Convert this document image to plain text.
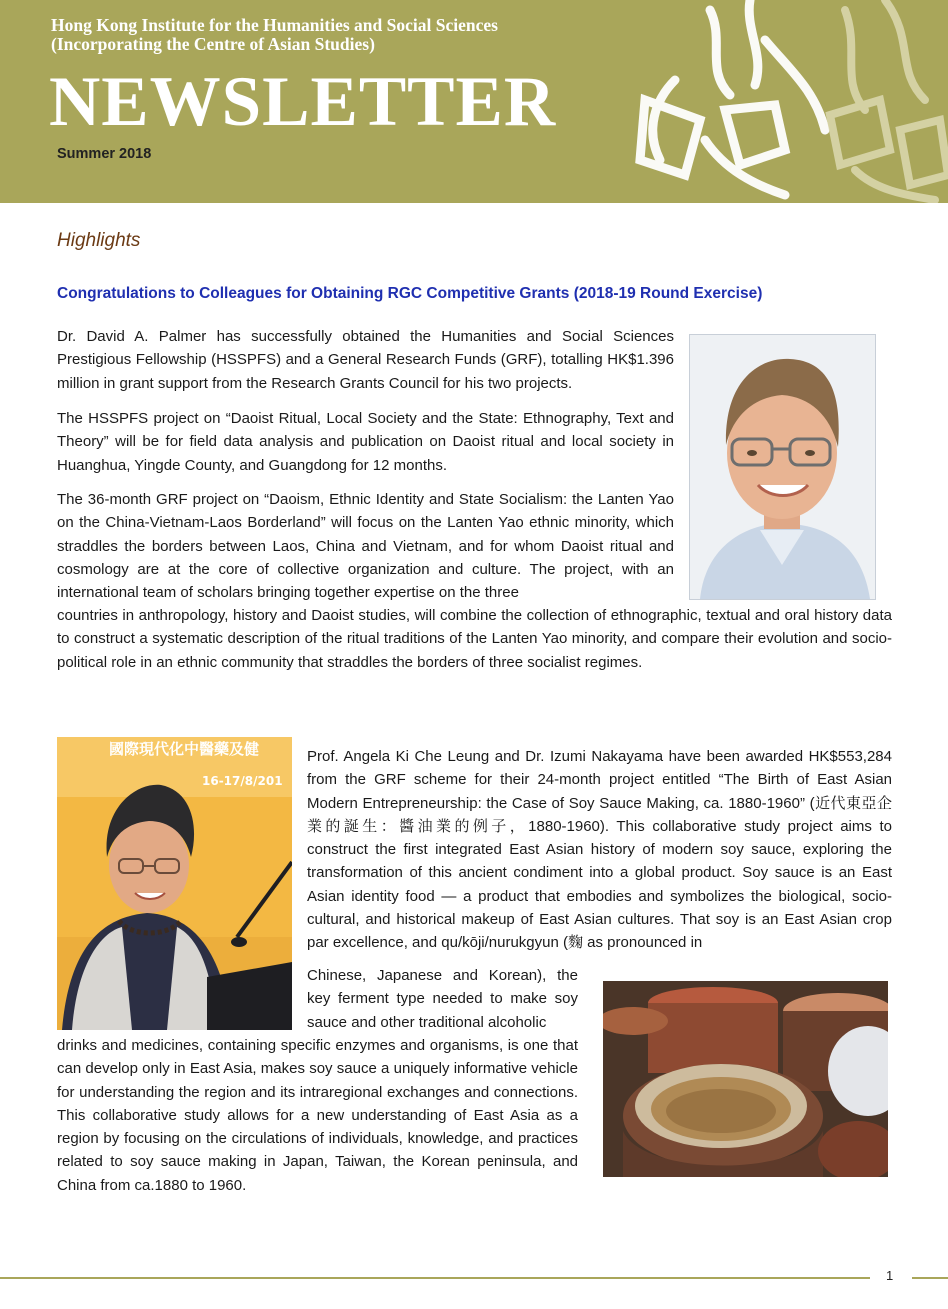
Hong Kong Institute for the Humanities and Social Sciences
(Incorporating the Centre of Asian Studies)
NEWSLETTER
Summer 2018
Highlights
Congratulations to Colleagues for Obtaining RGC Competitive Grants (2018-19 Round Exercise)

Dr. David A. Palmer has successfully obtained the Humanities and Social Sciences Prestigious Fellowship (HSSPFS) and a General Research Funds (GRF), totalling HK$1.396 million in grant support from the Research Grants Council for his two projects.

The HSSPFS project on “Daoist Ritual, Local Society and the State: Ethnography, Text and Theory” will be for field data analysis and publication on Daoist ritual and local society in Huanghua, Yingde County, and Guangdong for 12 months.

The 36-month GRF project on “Daoism, Ethnic Identity and State Socialism: the Lanten Yao on the China-Vietnam-Laos Borderland” will focus on the Lanten Yao ethnic minority, which straddles the borders between Laos, China and Vietnam, and for whom Daoist ritual and cosmology are at the core of collective organization and culture. The project, with an international team of scholars bringing together expertise on the three

countries in anthropology, history and Daoist studies, will combine the collection of ethnographic, textual and oral history data to construct a systematic description of the ritual traditions of the Lanten Yao minority, and compare their evolution and socio-political role in an ethnic community that straddles the borders of three socialist regimes.

國際現代化中醫藥及健
16-17/8/201

Prof. Angela Ki Che Leung and Dr. Izumi Nakayama have been awarded HK$553,284 from the GRF scheme for their 24-month project entitled “The Birth of East Asian Modern Entrepreneurship: the Case of Soy Sauce Making, ca. 1880-1960” (近代東亞企業的誕生：醬油業的例子，1880-1960). This collaborative study project aims to construct the first integrated East Asian history of modern soy sauce, exploring the transformation of this ancient condiment into a global product. Soy sauce is an East Asian identity food — a product that embodies and symbolizes the biological, socio-cultural, and historical makeup of East Asian cultures. That soy is an East Asian crop par excellence, and qu/kōji/nurukgyun (麴 as pronounced in

Chinese, Japanese and Korean), the key ferment type needed to make soy sauce and other traditional alcoholic

drinks and medicines, containing specific enzymes and organisms, is one that can develop only in East Asia, makes soy sauce a uniquely informative vehicle for understanding the region and its intraregional exchanges and connections. This collaborative study allows for a new understanding of East Asia as a region by focusing on the circulations of individuals, knowledge, and practices related to soy sauce making in Japan, Taiwan, the Korean peninsula, and China from ca.1880 to 1960.

1
